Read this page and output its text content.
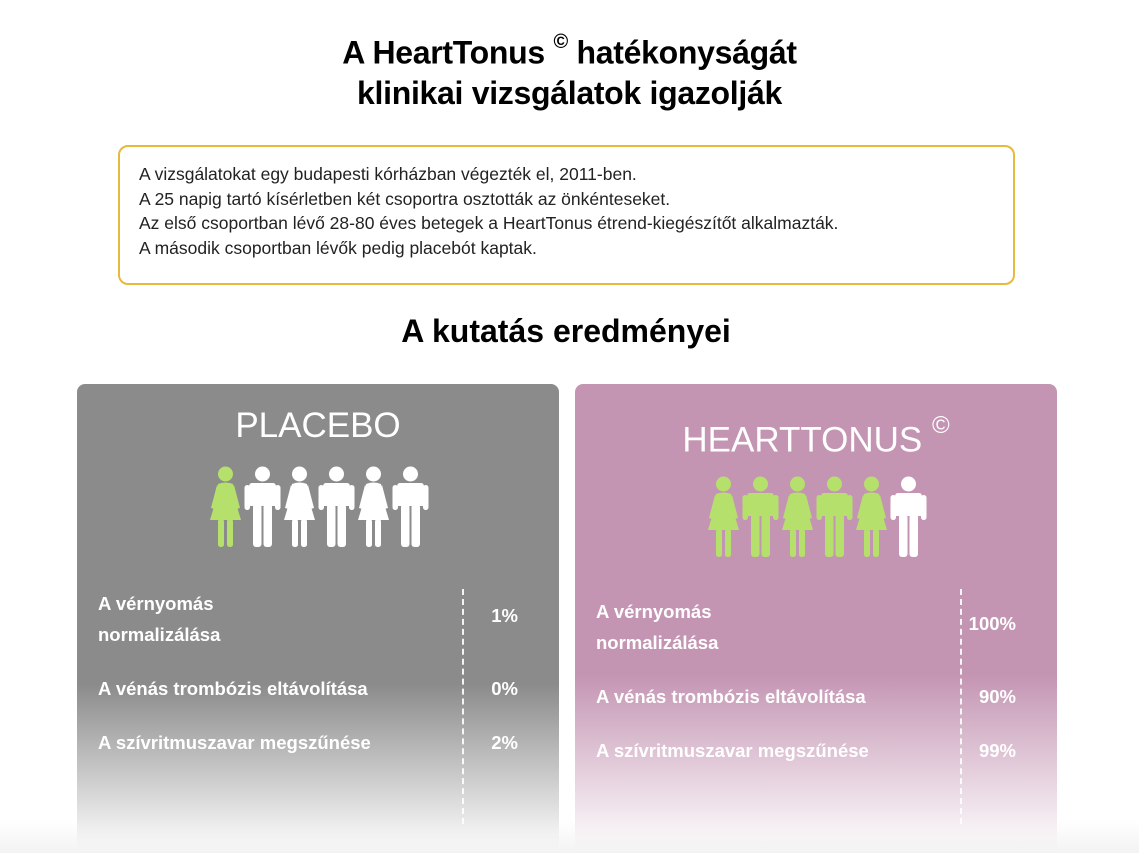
A HeartTonus © hatékonyságát
klinikai vizsgálatok igazolják
A vizsgálatokat egy budapesti kórházban végezték el, 2011-ben.
A 25 napig tartó kísérletben két csoportra osztották az önkénteseket.
Az első csoportban lévő 28-80 éves betegek a HeartTonus étrend-kiegészítőt alkalmazták.
A második csoportban lévők pedig placebót kaptak.
A kutatás eredményei
PLACEBO
A vérnyomás
normalizálása
1%
A vénás trombózis eltávolítása	0%
A szívritmuszavar megszűnése	2%
HEARTTONUS ©
A vérnyomás
normalizálása
100%
A vénás trombózis eltávolítása	90%
A szívritmuszavar megszűnése	99%
